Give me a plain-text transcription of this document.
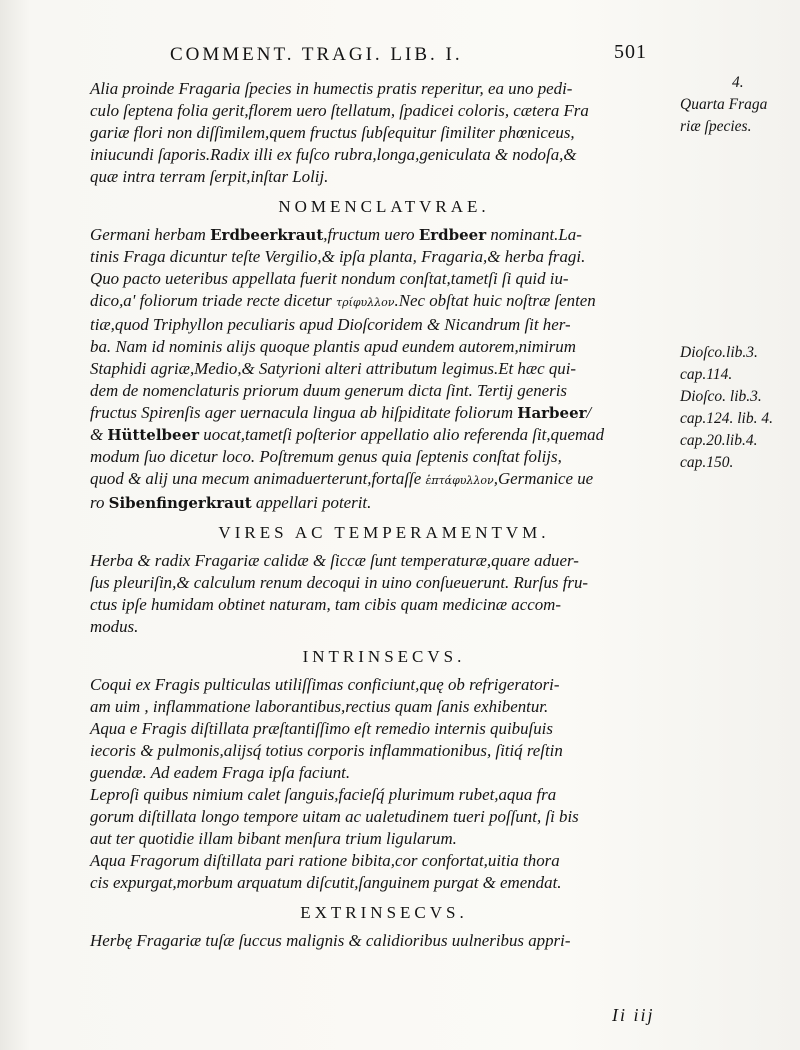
COMMENT. TRAGI. LIB. I.	501
4.
Quarta Fraga
riæ ſpecies.
Dioſco.lib.3.
cap.114.
Dioſco. lib.3.
cap.124. lib. 4.
cap.20.lib.4.
cap.150.

Alia proinde Fragaria ſpecies in humectis pratis reperitur, ea uno pedi-
culo ſeptena folia gerit,florem uero ſtellatum, ſpadicei coloris, cætera Fra
gariæ flori non diſſimilem,quem fructus ſubſequitur ſimiliter phœniceus,
iniucundi ſaporis.Radix illi ex fuſco rubra,longa,geniculata & nodoſa,&
quæ intra terram ſerpit,inſtar Lolij.

NOMENCLATVRAE.

Germani herbam Erdbeerkraut,fructum uero Erdbeer nominant.La-
tinis Fraga dicuntur teſte Vergilio,& ipſa planta, Fragaria,& herba fragi.
Quo pacto ueteribus appellata fuerit nondum conſtat,tametſi ſi quid iu-
dico,a' foliorum triade recte dicetur τρίφυλλον.Nec obſtat huic noſtræ ſenten
tiæ,quod Triphyllon peculiaris apud Dioſcoridem & Nicandrum ſit her-
ba. Nam id nominis alijs quoque plantis apud eundem autorem,nimirum
Staphidi agriæ,Medio,& Satyrioni alteri attributum legimus.Et hæc qui-
dem de nomenclaturis priorum duum generum dicta ſint. Tertij generis
fructus Spirenſis ager uernacula lingua ab hiſpiditate foliorum Harbeer/
& Hüttelbeer uocat,tametſi poſterior appellatio alio referenda ſit,quemad
modum ſuo dicetur loco. Poſtremum genus quia ſeptenis conſtat folijs,
quod & alij una mecum animaduerterunt,fortaſſe ἑπτάφυλλον,Germanice ue
ro Sibenfingerkraut appellari poterit.

VIRES AC TEMPERAMENTVM.

Herba & radix Fragariæ calidæ & ſiccæ ſunt temperaturæ,quare aduer-
ſus pleuriſin,& calculum renum decoqui in uino conſueuerunt. Rurſus fru-
ctus ipſe humidam obtinet naturam, tam cibis quam medicinæ accom-
modus.

INTRINSECVS.

Coqui ex Fragis pulticulas utiliſſimas conficiunt,quę ob refrigeratori-
am uim , inflammatione laborantibus,rectius quam ſanis exhibentur.

Aqua e Fragis diſtillata præſtantiſſimo eſt remedio internis quibuſuis
iecoris & pulmonis,alijsq́ totius corporis inflammationibus, ſitiq́ reſtin
guendæ. Ad eadem Fraga ipſa faciunt.

Leproſi quibus nimium calet ſanguis,facieſq́ plurimum rubet,aqua fra
gorum diſtillata longo tempore uitam ac ualetudinem tueri poſſunt, ſi bis
aut ter quotidie illam bibant menſura trium ligularum.

Aqua Fragorum diſtillata pari ratione bibita,cor confortat,uitia thora
cis expurgat,morbum arquatum diſcutit,ſanguinem purgat & emendat.

EXTRINSECVS.

Herbę Fragariæ tuſæ ſuccus malignis & calidioribus uulneribus appri-

Ii iij
